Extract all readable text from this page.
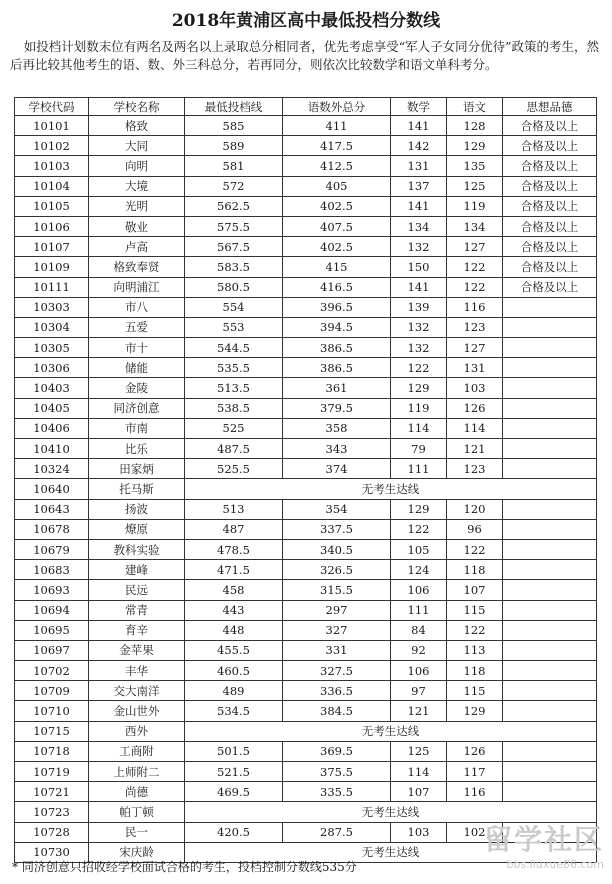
2018年黄浦区高中最低投档分数线
如投档计划数末位有两名及两名以上录取总分相同者，优先考虑享受“军人子女同分优待”政策的考生，然后再比较其他考生的语、数、外三科总分，若再同分，则依次比较数学和语文单科考分。
学校代码	学校名称	最低投档线	语数外总分	数学	语文	思想品德
10101	格致	585	411	141	128	合格及以上
10102	大同	589	417.5	142	129	合格及以上
10103	向明	581	412.5	131	135	合格及以上
10104	大境	572	405	137	125	合格及以上
10105	光明	562.5	402.5	141	119	合格及以上
10106	敬业	575.5	407.5	134	134	合格及以上
10107	卢高	567.5	402.5	132	127	合格及以上
10109	格致奉贤	583.5	415	150	122	合格及以上
10111	向明浦江	580.5	416.5	141	122	合格及以上
10303	市八	554	396.5	139	116	
10304	五爱	553	394.5	132	123	
10305	市十	544.5	386.5	132	127	
10306	储能	535.5	386.5	122	131	
10403	金陵	513.5	361	129	103	
10405	同济创意	538.5	379.5	119	126	
10406	市南	525	358	114	114	
10410	比乐	487.5	343	79	121	
10324	田家炳	525.5	374	111	123	
10640	托马斯	无考生达线				
10643	扬波	513	354	129	120	
10678	燎原	487	337.5	122	96	
10679	教科实验	478.5	340.5	105	122	
10683	建峰	471.5	326.5	124	118	
10693	民远	458	315.5	106	107	
10694	常青	443	297	111	115	
10695	育辛	448	327	84	122	
10697	金苹果	455.5	331	92	113	
10702	丰华	460.5	327.5	106	118	
10709	交大南洋	489	336.5	97	115	
10710	金山世外	534.5	384.5	121	129	
10715	西外	无考生达线				
10718	工商附	501.5	369.5	125	126	
10719	上师附二	521.5	375.5	114	117	
10721	尚德	469.5	335.5	107	116	
10723	帕丁顿	无考生达线				
10728	民一	420.5	287.5	103	102	
10730	宋庆龄	无考生达线				
* 同济创意只招收经学校面试合格的考生，投档控制分数线535分
留学社区
bbs.liuxue86.com
